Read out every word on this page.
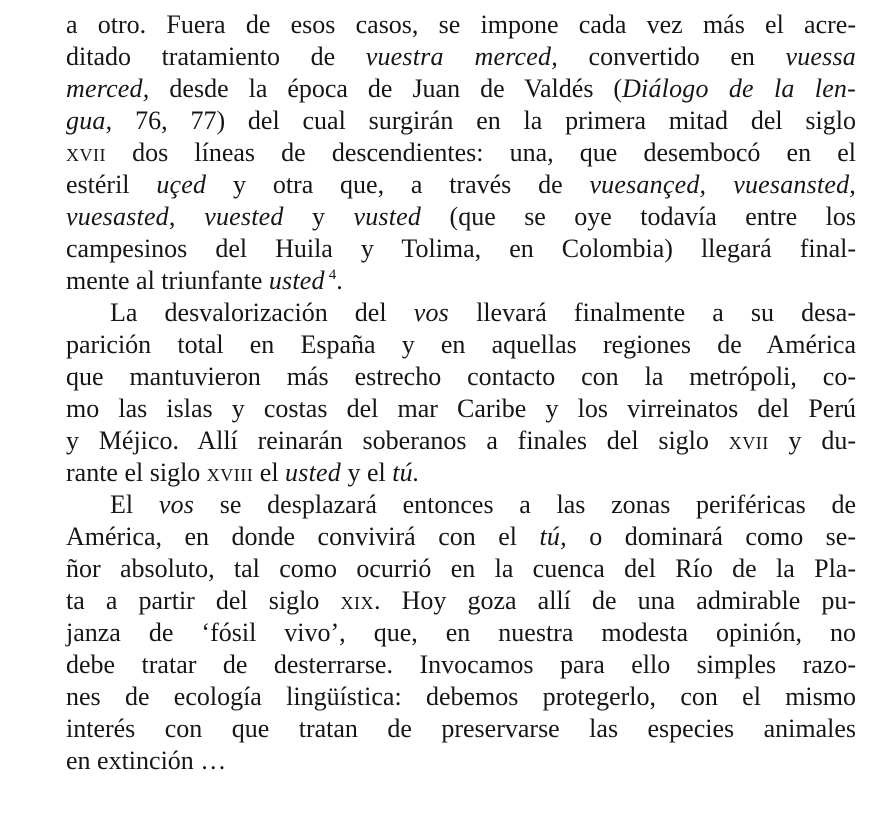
a otro. Fuera de esos casos, se impone cada vez más el acre-
ditado tratamiento de vuestra merced, convertido en vuessa
merced, desde la época de Juan de Valdés (Diálogo de la len-
gua, 76, 77) del cual surgirán en la primera mitad del siglo
xvii dos líneas de descendientes: una, que desembocó en el
estéril uçed y otra que, a través de vuesançed, vuesansted,
vuesasted, vuested y vusted (que se oye todavía entre los
campesinos del Huila y Tolima, en Colombia) llegará final-
mente al triunfante usted $^4$.
La desvalorización del vos llevará finalmente a su desa-
parición total en España y en aquellas regiones de América
que mantuvieron más estrecho contacto con la metrópoli, co-
mo las islas y costas del mar Caribe y los virreinatos del Perú
y Méjico. Allí reinarán soberanos a finales del siglo xvii y du-
rante el siglo xviii el usted y el tú.
El vos se desplazará entonces a las zonas periféricas de
América, en donde convivirá con el tú, o dominará como se-
ñor absoluto, tal como ocurrió en la cuenca del Río de la Pla-
ta a partir del siglo xix. Hoy goza allí de una admirable pu-
janza de ‘fósil vivo’, que, en nuestra modesta opinión, no
debe tratar de desterrarse. Invocamos para ello simples razo-
nes de ecología lingüística: debemos protegerlo, con el mismo
interés con que tratan de preservarse las especies animales
en extinción …
